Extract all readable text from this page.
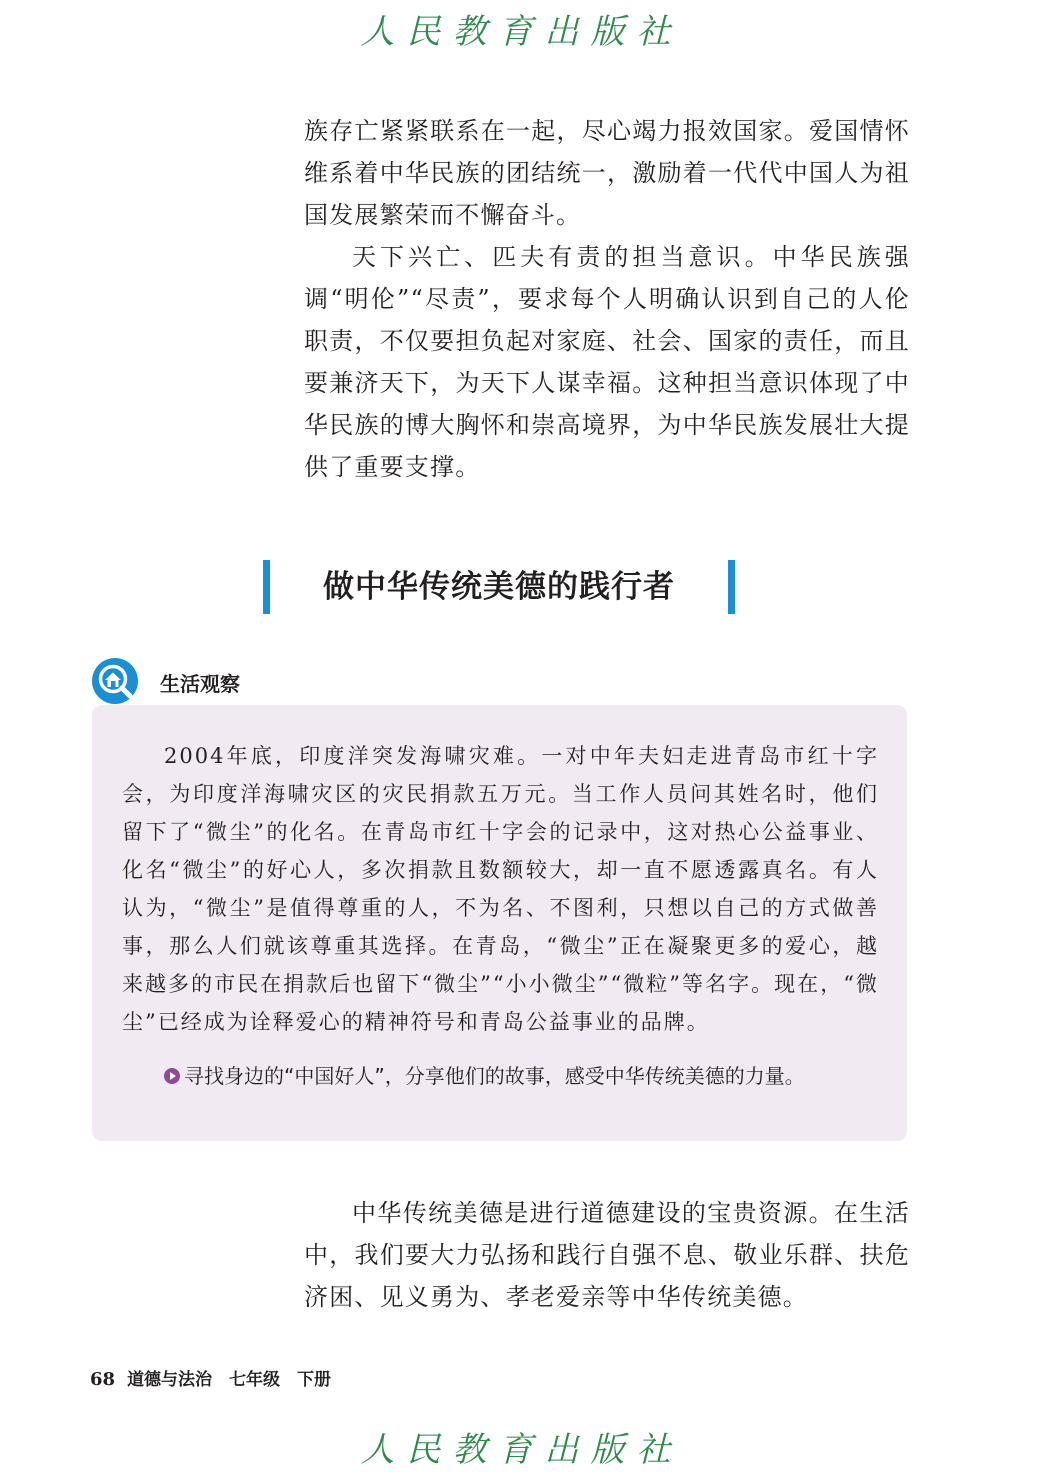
人民教育出版社

族存亡紧紧联系在一起，尽心竭力报效国家。爱国情怀维系着中华民族的团结统一，激励着一代代中国人为祖国发展繁荣而不懈奋斗。

天下兴亡、匹夫有责的担当意识。中华民族强调“明伦”“尽责”，要求每个人明确认识到自己的人伦职责，不仅要担负起对家庭、社会、国家的责任，而且要兼济天下，为天下人谋幸福。这种担当意识体现了中华民族的博大胸怀和崇高境界，为中华民族发展壮大提供了重要支撑。

做中华传统美德的践行者
生活观察

2004年底，印度洋突发海啸灾难。一对中年夫妇走进青岛市红十字会，为印度洋海啸灾区的灾民捐款五万元。当工作人员问其姓名时，他们留下了“微尘”的化名。在青岛市红十字会的记录中，这对热心公益事业、化名“微尘”的好心人，多次捐款且数额较大，却一直不愿透露真名。有人认为，“微尘”是值得尊重的人，不为名、不图利，只想以自己的方式做善事，那么人们就该尊重其选择。在青岛，“微尘”正在凝聚更多的爱心，越来越多的市民在捐款后也留下“微尘”“小小微尘”“微粒”等名字。现在，“微尘”已经成为诠释爱心的精神符号和青岛公益事业的品牌。

寻找身边的“中国好人”，分享他们的故事，感受中华传统美德的力量。

中华传统美德是进行道德建设的宝贵资源。在生活中，我们要大力弘扬和践行自强不息、敬业乐群、扶危济困、见义勇为、孝老爱亲等中华传统美德。

68 道德与法治　七年级　下册
人民教育出版社
